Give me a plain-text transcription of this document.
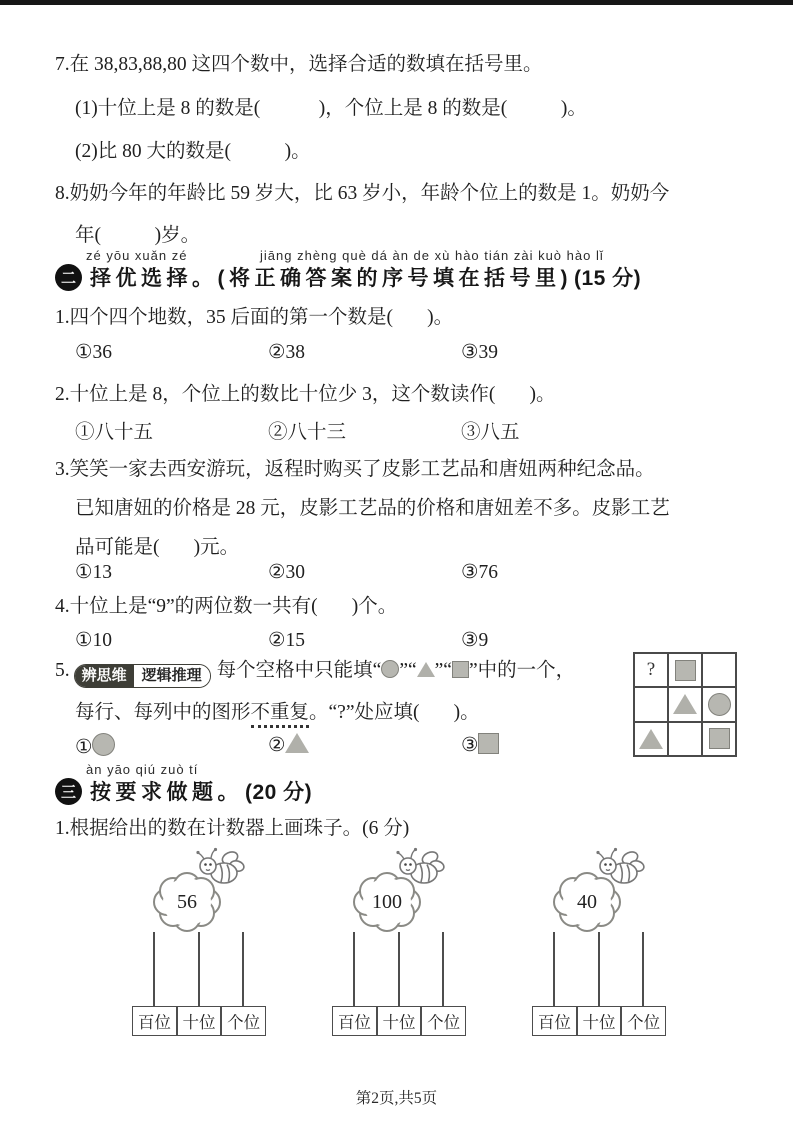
7.在 38,83,88,80 这四个数中，选择合适的数填在括号里。
(1)十位上是 8 的数是(            )，个位上是 8 的数是(           )。
(2)比 80 大的数是(           )。
8.奶奶今年的年龄比 59 岁大，比 63 岁小，年龄个位上的数是 1。奶奶今
年(           )岁。
zé yōu xuǎn zé	jiāng zhèng què dá àn de xù hào tián zài kuò hào lǐ
二 择优选择。(将正确答案的序号填在括号里) (15 分)
1.四个四个地数，35 后面的第一个数是(       )。
①36	②38	③39
2.十位上是 8，个位上的数比十位少 3，这个数读作(       )。
①八十五	②八十三	③八五
3.笑笑一家去西安游玩，返程时购买了皮影工艺品和唐妞两种纪念品。
已知唐妞的价格是 28 元，皮影工艺品的价格和唐妞差不多。皮影工艺
品可能是(       )元。
①13	②30	③76
4.十位上是“9”的两位数一共有(       )个。
①10	②15	③9
5. 辨思维	逻辑推理 每个空格中只能填“ ”“ ”“ ”中的一个，
每行、每列中的图形不重复。“?”处应填(       )。
①	②	③
?
àn yāo qiú zuò tí
三 按要求做题。 (20 分)
1.根据给出的数在计数器上画珠子。(6 分)
56
百位 十位 个位
100
百位 十位 个位
40
百位 十位 个位
第2页,共5页
